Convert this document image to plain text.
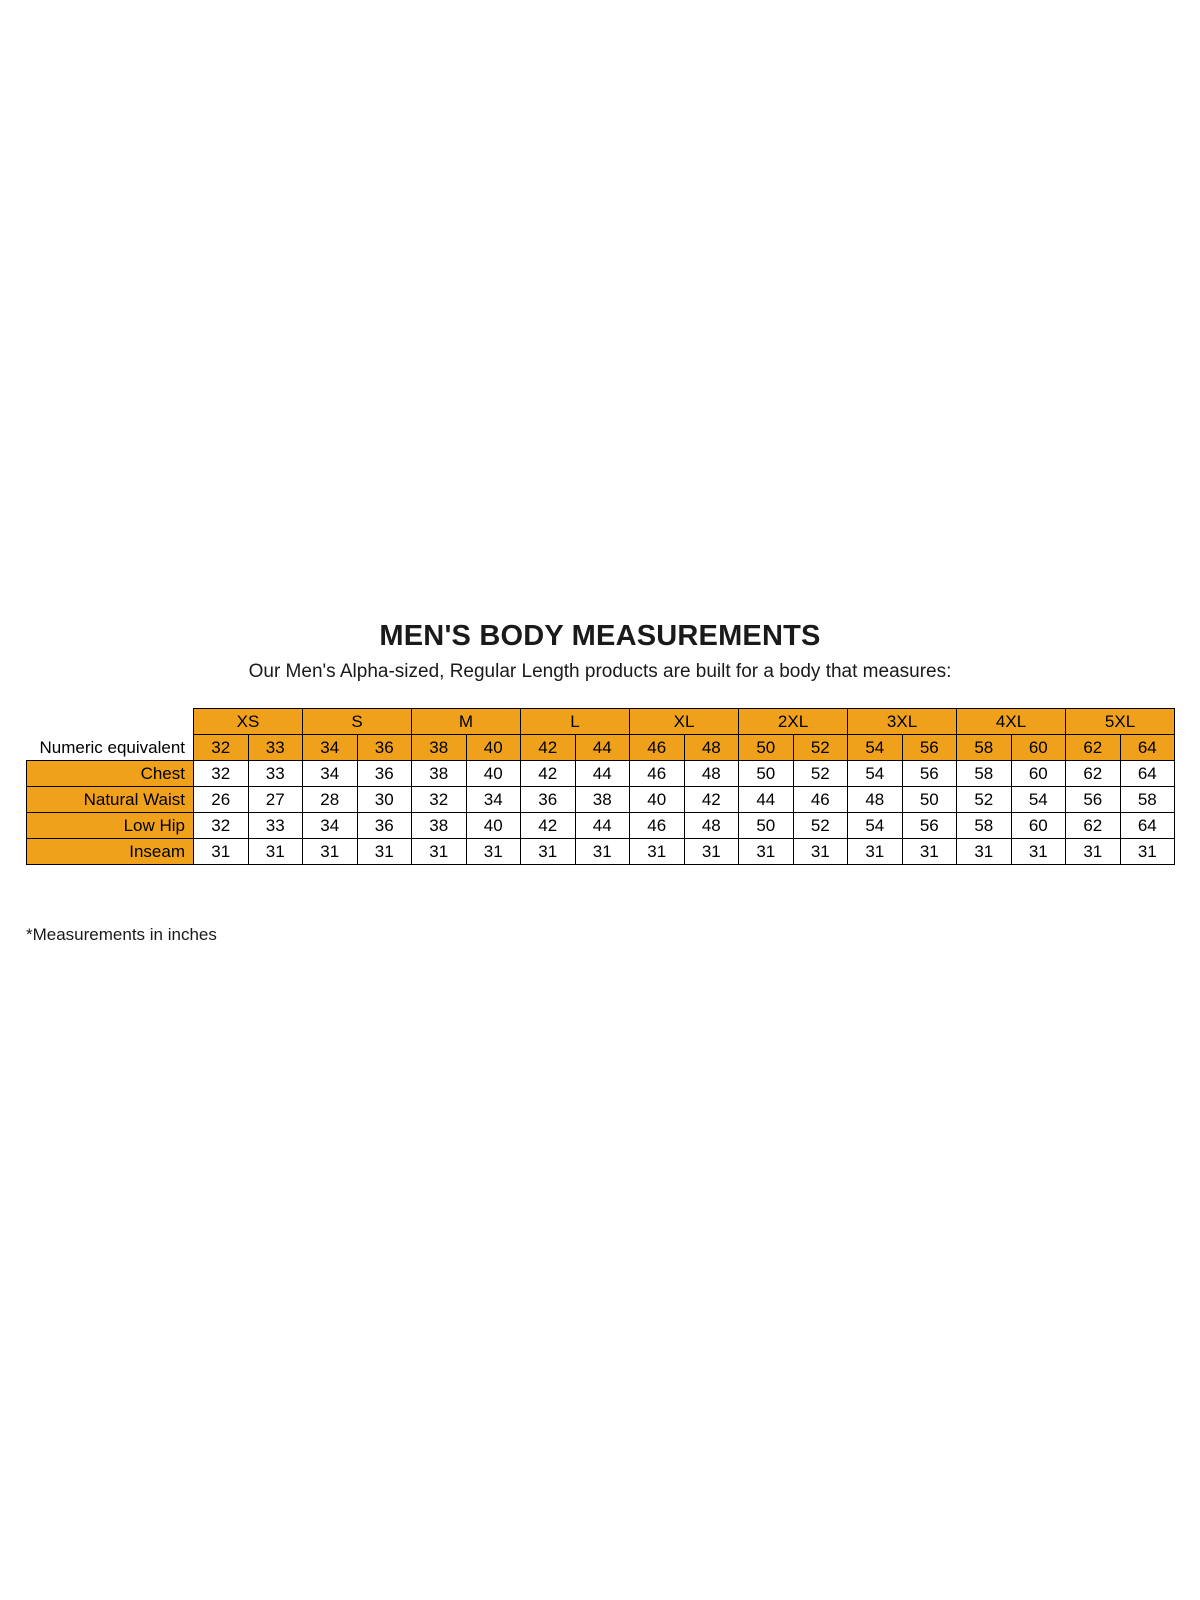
MEN'S BODY MEASUREMENTS
Our Men's Alpha-sized, Regular Length products are built for a body that measures:
	XS		S		M		L		XL		2XL		3XL		4XL		5XL	
Numeric equivalent	32	33	34	36	38	40	42	44	46	48	50	52	54	56	58	60	62	64
Chest	32	33	34	36	38	40	42	44	46	48	50	52	54	56	58	60	62	64
Natural Waist	26	27	28	30	32	34	36	38	40	42	44	46	48	50	52	54	56	58
Low Hip	32	33	34	36	38	40	42	44	46	48	50	52	54	56	58	60	62	64
Inseam	31	31	31	31	31	31	31	31	31	31	31	31	31	31	31	31	31	31
*Measurements in inches
